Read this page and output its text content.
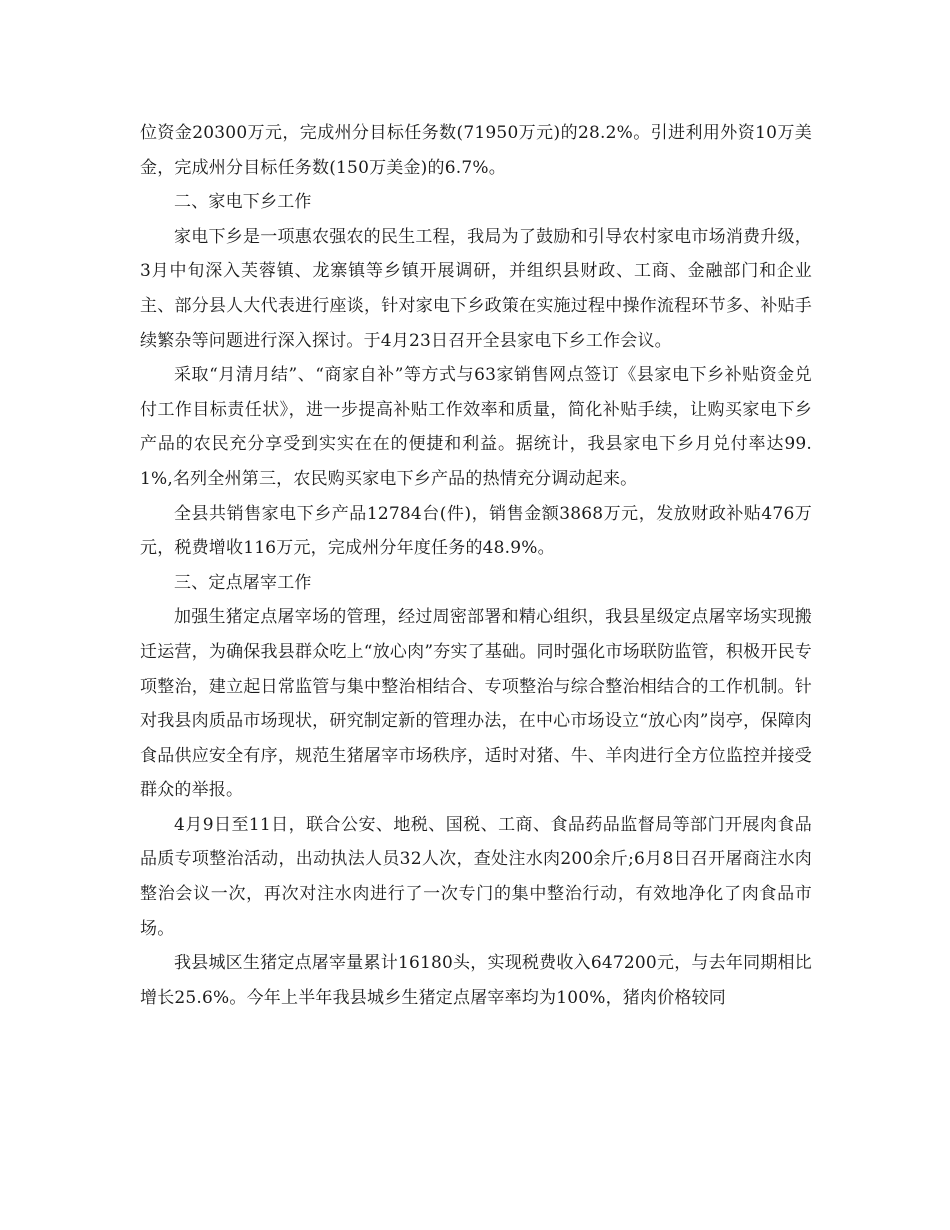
位资金20300万元，完成州分目标任务数(71950万元)的28.2%。引进利用外资10万美金，完成州分目标任务数(150万美金)的6.7%。

二、家电下乡工作

家电下乡是一项惠农强农的民生工程，我局为了鼓励和引导农村家电市场消费升级，3月中旬深入芙蓉镇、龙寨镇等乡镇开展调研，并组织县财政、工商、金融部门和企业主、部分县人大代表进行座谈，针对家电下乡政策在实施过程中操作流程环节多、补贴手续繁杂等问题进行深入探讨。于4月23日召开全县家电下乡工作会议。

采取“月清月结”、“商家自补”等方式与63家销售网点签订《县家电下乡补贴资金兑付工作目标责任状》，进一步提高补贴工作效率和质量，简化补贴手续，让购买家电下乡产品的农民充分享受到实实在在的便捷和利益。据统计，我县家电下乡月兑付率达99.1%,名列全州第三，农民购买家电下乡产品的热情充分调动起来。

全县共销售家电下乡产品12784台(件)，销售金额3868万元，发放财政补贴476万元，税费增收116万元，完成州分年度任务的48.9%。

三、定点屠宰工作

加强生猪定点屠宰场的管理，经过周密部署和精心组织，我县星级定点屠宰场实现搬迁运营，为确保我县群众吃上“放心肉”夯实了基础。同时强化市场联防监管，积极开民专项整治，建立起日常监管与集中整治相结合、专项整治与综合整治相结合的工作机制。针对我县肉质品市场现状，研究制定新的管理办法，在中心市场设立“放心肉”岗亭，保障肉食品供应安全有序，规范生猪屠宰市场秩序，适时对猪、牛、羊肉进行全方位监控并接受群众的举报。

4月9日至11日，联合公安、地税、国税、工商、食品药品监督局等部门开展肉食品品质专项整治活动，出动执法人员32人次，查处注水肉200余斤;6月8日召开屠商注水肉整治会议一次，再次对注水肉进行了一次专门的集中整治行动，有效地净化了肉食品市场。

我县城区生猪定点屠宰量累计16180头，实现税费收入647200元，与去年同期相比增长25.6%。今年上半年我县城乡生猪定点屠宰率均为100%，猪肉价格较同
